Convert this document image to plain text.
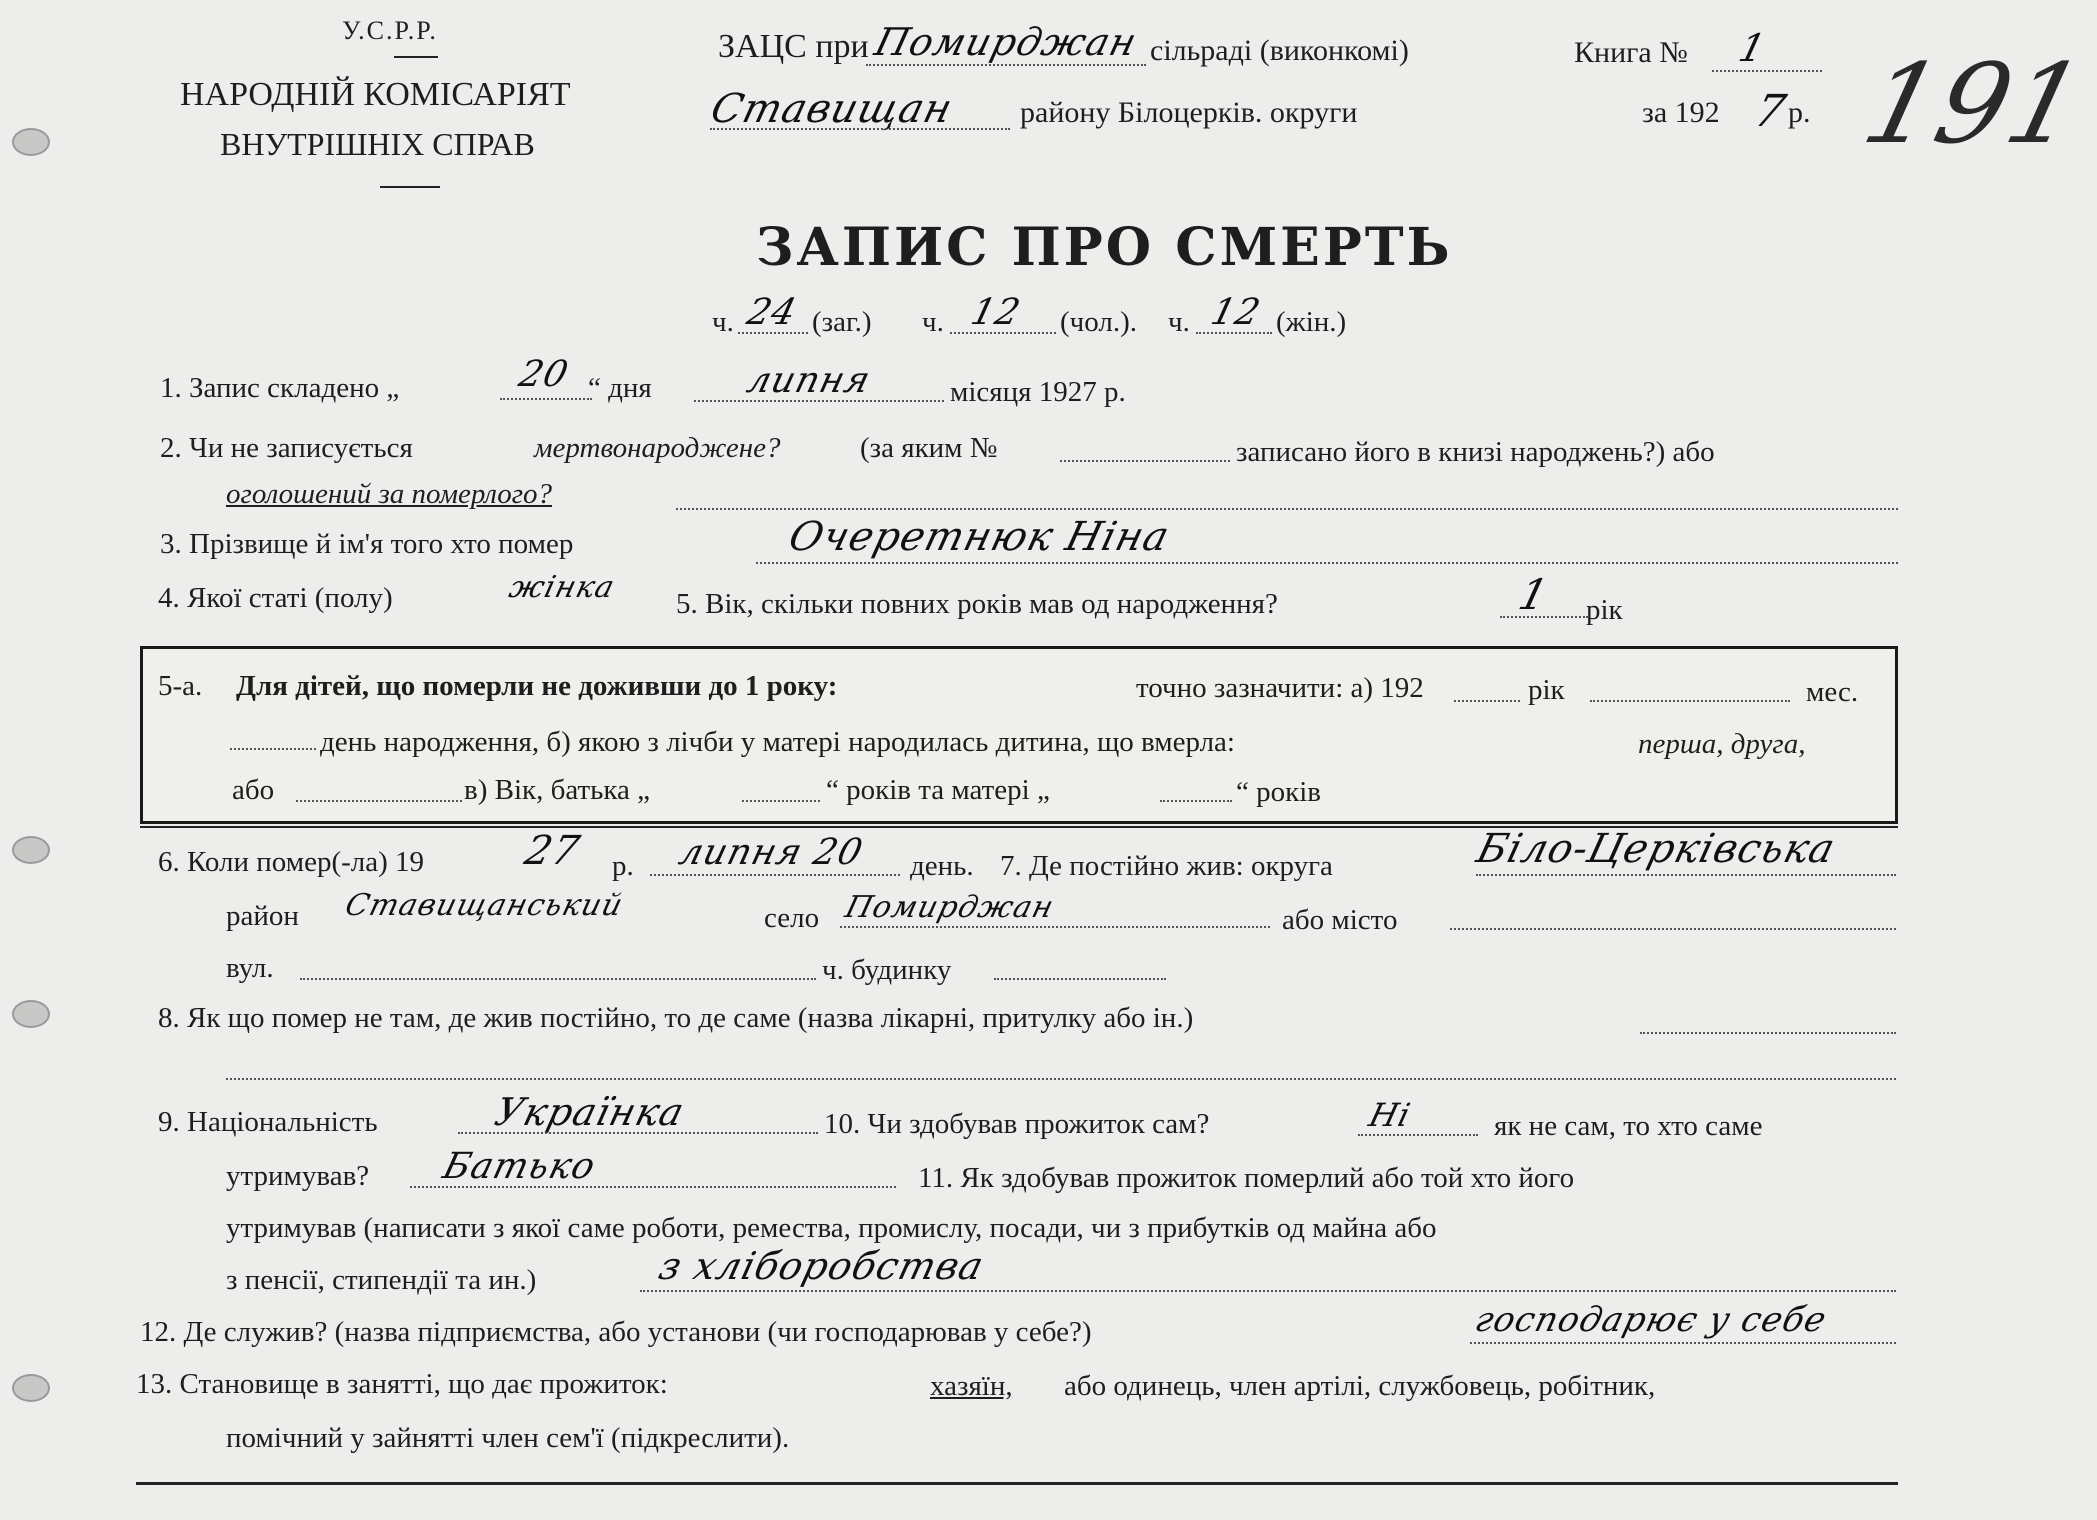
У.С.Р.Р.
НАРОДНІЙ КОМІСАРІЯТ
ВНУТРІШНІХ СПРАВ
ЗАЦС при Помирджан сільраді (виконкомі)
Ставищан району Білоцерків. округи
Книга № 1
за 192 7
р. 191
ЗАПИС ПРО СМЕРТЬ
ч. 24 (заг.) ч. 12 (чол.). ч. 12 (жін.)
1. Запис складено „	20 “ дня	липня	місяця 1927 р.
2. Чи не записується	мертвонароджене?	(за яким №	записано його в книзі народжень?) або
оголошений за померлого?
3. Прізвище й ім'я того хто помер	Очеретнюк Ніна
4. Якої статі (полу)	жінка 5. Вік, скільки повних років мав од народження?	1 рік
5-а. Для дітей, що померли не доживши до 1 року:	точно зазначити: а) 192	рік	мес.
день народження, б) якою з лічби у матері народилась дитина, що вмерла:	перша, друга,
або	в) Вік, батька „	“ років та матері „	“ років
6. Коли помер(-ла) 19 27 р. липня 20 день. 7. Де постійно жив: округа	Біло-Церківська
район Ставищанський	село Помирджан	або місто
вул.	ч. будинку
8. Як що помер не там, де жив постійно, то де саме (назва лікарні, притулку або ін.)
9. Національність	Українка	10. Чи здобував прожиток сам?	Ні	як не сам, то хто саме
утримував? Батько	11. Як здобував прожиток померлий або той хто його
утримував (написати з якої саме роботи, ремества, промислу, посади, чи з прибутків од майна або
з пенсії, стипендії та ин.)	з хліборобства
12. Де служив? (назва підприємства, або установи (чи господарював у себе?)	господарює у себе
13. Становище в занятті, що дає прожиток:	хазяїн, або одинець, член артілі, службовець, робітник,
помічний у зайнятті член сем'ї (підкреслити).
